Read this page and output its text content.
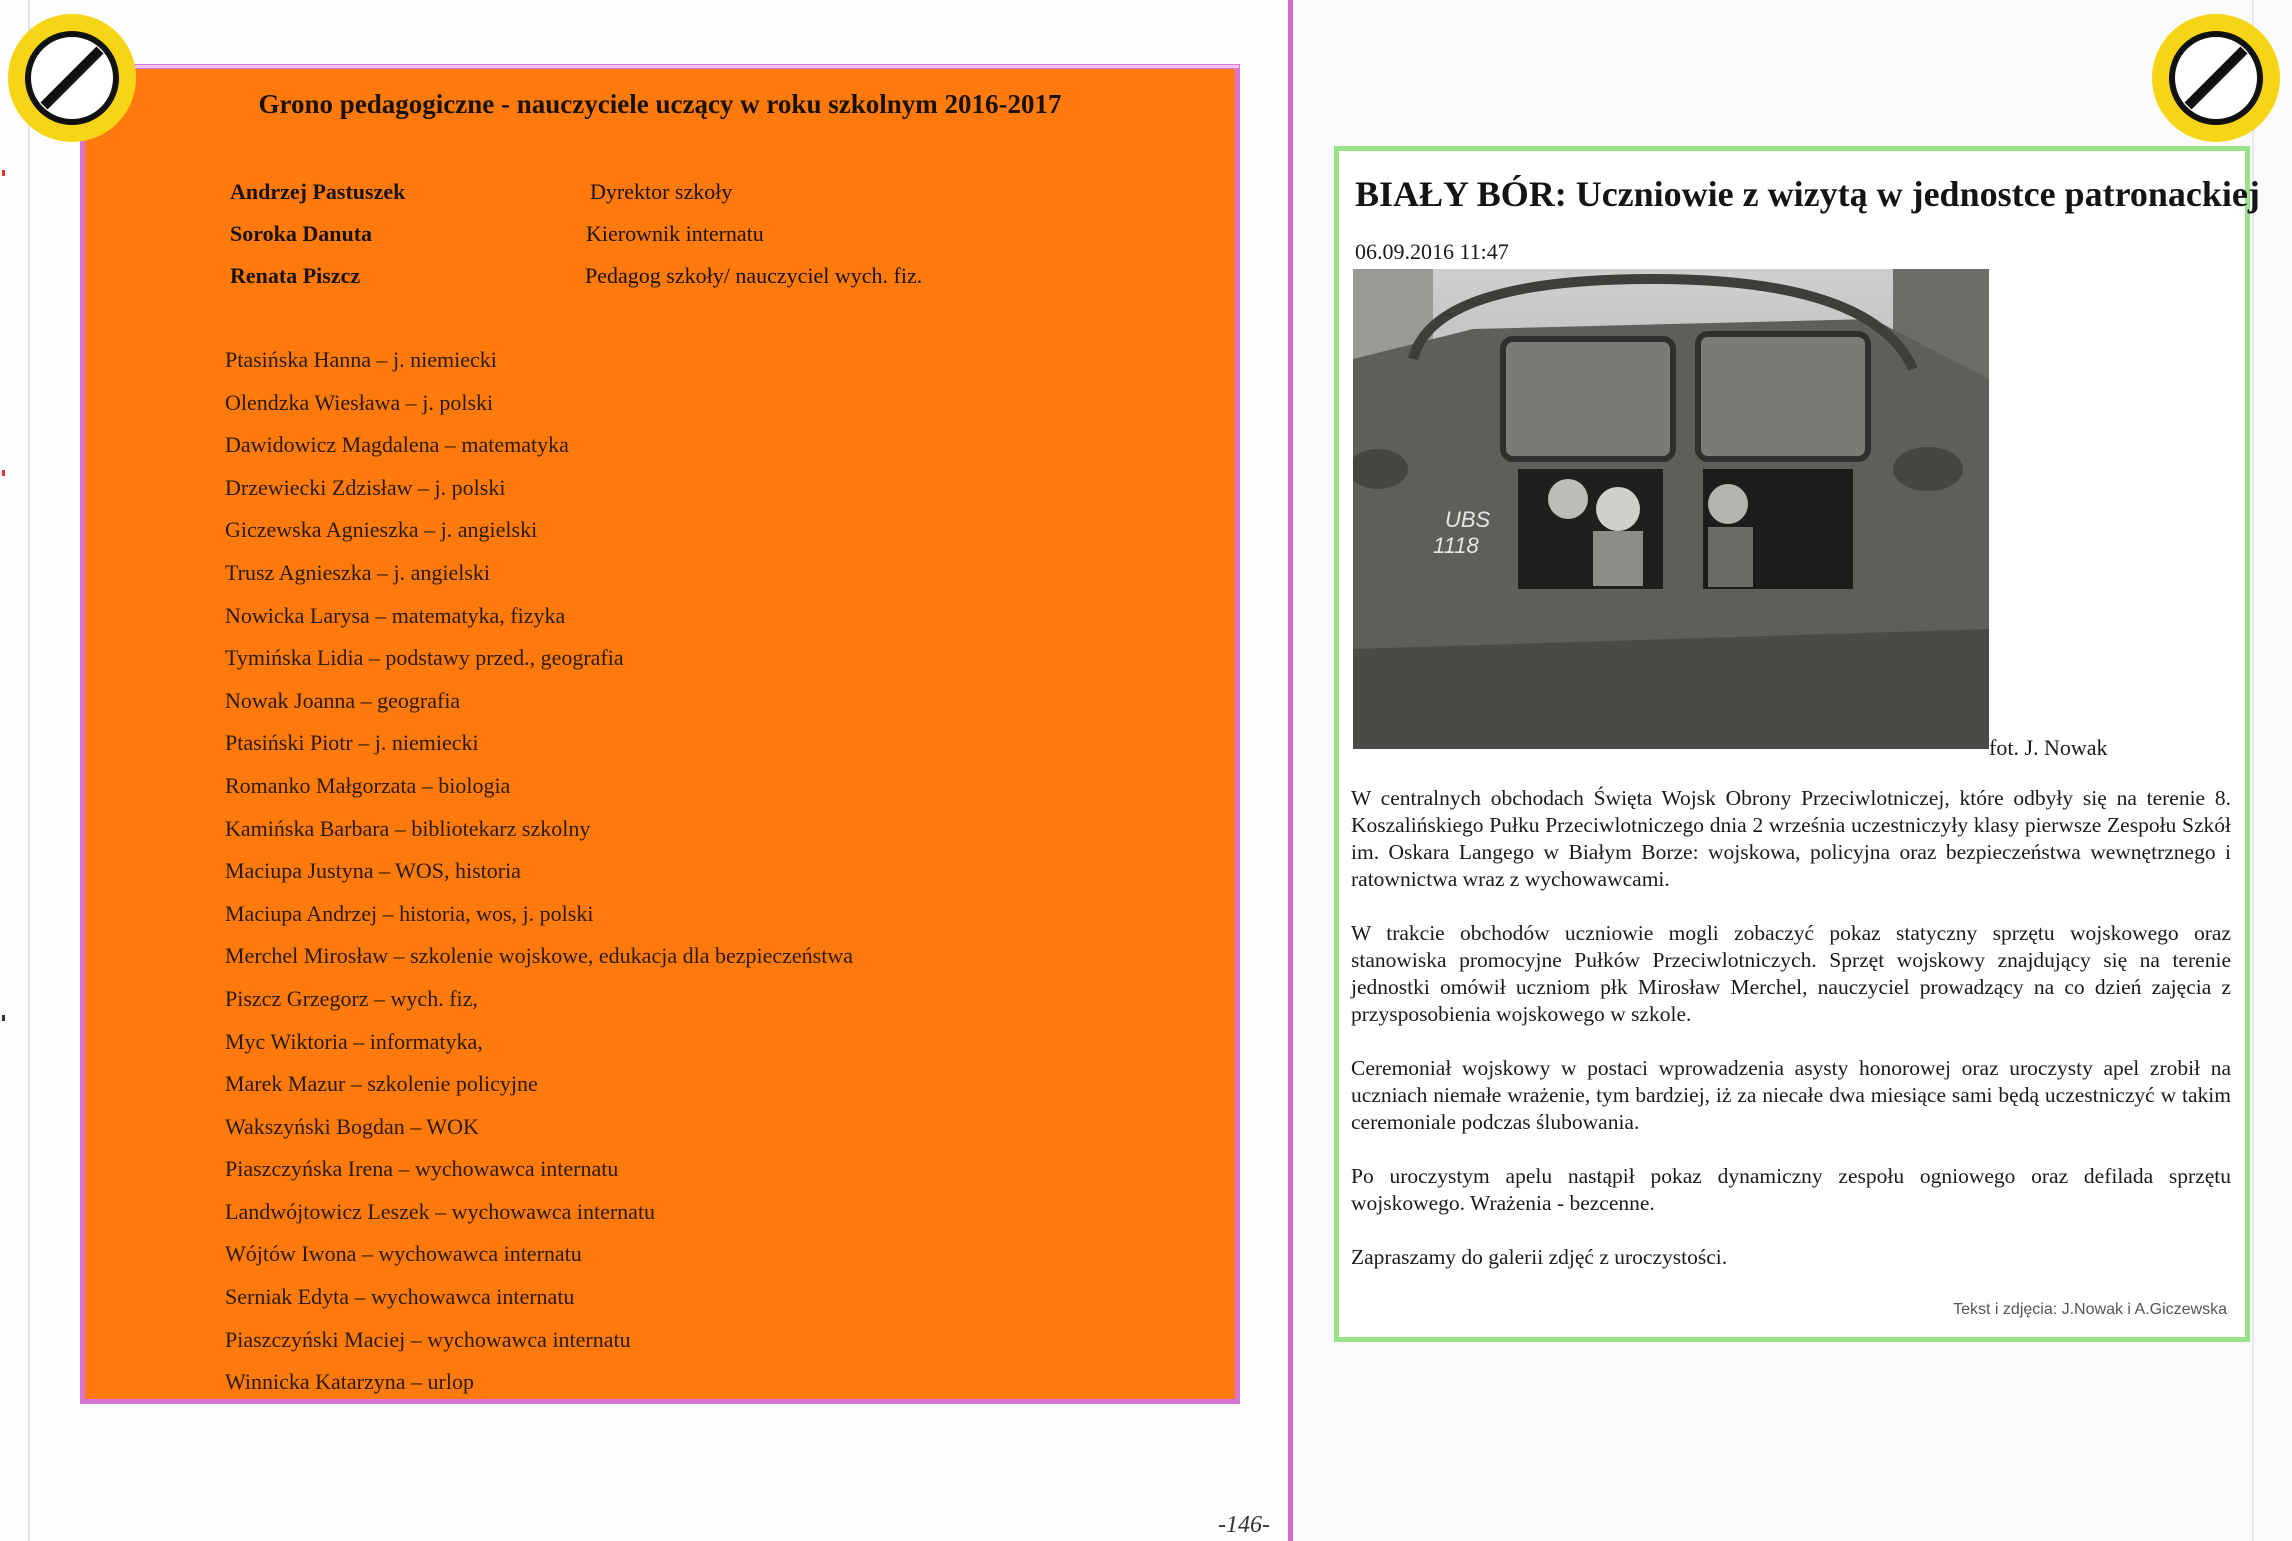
Grono pedagogiczne - nauczyciele uczący w roku szkolnym 2016-2017
Andrzej Pastuszek	Dyrektor szkoły
Soroka Danuta	Kierownik internatu
Renata Piszcz	Pedagog szkoły/ nauczyciel wych. fiz.
Ptasińska Hanna – j. niemiecki
Olendzka Wiesława – j. polski
Dawidowicz Magdalena – matematyka
Drzewiecki Zdzisław – j. polski
Giczewska Agnieszka – j. angielski
Trusz Agnieszka – j. angielski
Nowicka Larysa – matematyka, fizyka
Tymińska Lidia – podstawy przed., geografia
Nowak Joanna – geografia
Ptasiński Piotr – j. niemiecki
Romanko Małgorzata – biologia
Kamińska Barbara – bibliotekarz szkolny
Maciupa Justyna – WOS, historia
Maciupa Andrzej – historia, wos, j. polski
Merchel Mirosław – szkolenie wojskowe, edukacja dla bezpieczeństwa
Piszcz Grzegorz – wych. fiz,
Myc Wiktoria – informatyka,
Marek Mazur – szkolenie policyjne
Wakszyński Bogdan – WOK
Piaszczyńska Irena – wychowawca internatu
Landwójtowicz Leszek – wychowawca internatu
Wójtów Iwona – wychowawca internatu
Serniak Edyta – wychowawca internatu
Piaszczyński Maciej – wychowawca internatu
Winnicka Katarzyna – urlop
BIAŁY BÓR: Uczniowie z wizytą w jednostce patronackiej
06.09.2016 11:47
UBS
1118
fot. J. Nowak

W centralnych obchodach Święta Wojsk Obrony Przeciwlotniczej, które odbyły się na terenie 8. Koszalińskiego Pułku Przeciwlotniczego dnia 2 września uczestniczyły klasy pierwsze Zespołu Szkół im. Oskara Langego w Białym Borze: wojskowa, policyjna oraz bezpieczeństwa wewnętrznego i ratownictwa wraz z wychowawcami.

W trakcie obchodów uczniowie mogli zobaczyć pokaz statyczny sprzętu wojskowego oraz stanowiska promocyjne Pułków Przeciwlotniczych. Sprzęt wojskowy znajdujący się na terenie jednostki omówił uczniom płk Mirosław Merchel, nauczyciel prowadzący na co dzień zajęcia z przysposobienia wojskowego w szkole.

Ceremoniał wojskowy w postaci wprowadzenia asysty honorowej oraz uroczysty apel zrobił na uczniach niemałe wrażenie, tym bardziej, iż za niecałe dwa miesiące sami będą uczestniczyć w takim ceremoniale podczas ślubowania.

Po uroczystym apelu nastąpił pokaz dynamiczny zespołu ogniowego oraz defilada sprzętu wojskowego. Wrażenia - bezcenne.

Zapraszamy do galerii zdjęć z uroczystości.

Tekst i zdjęcia: J.Nowak i A.Giczewska
-146-
